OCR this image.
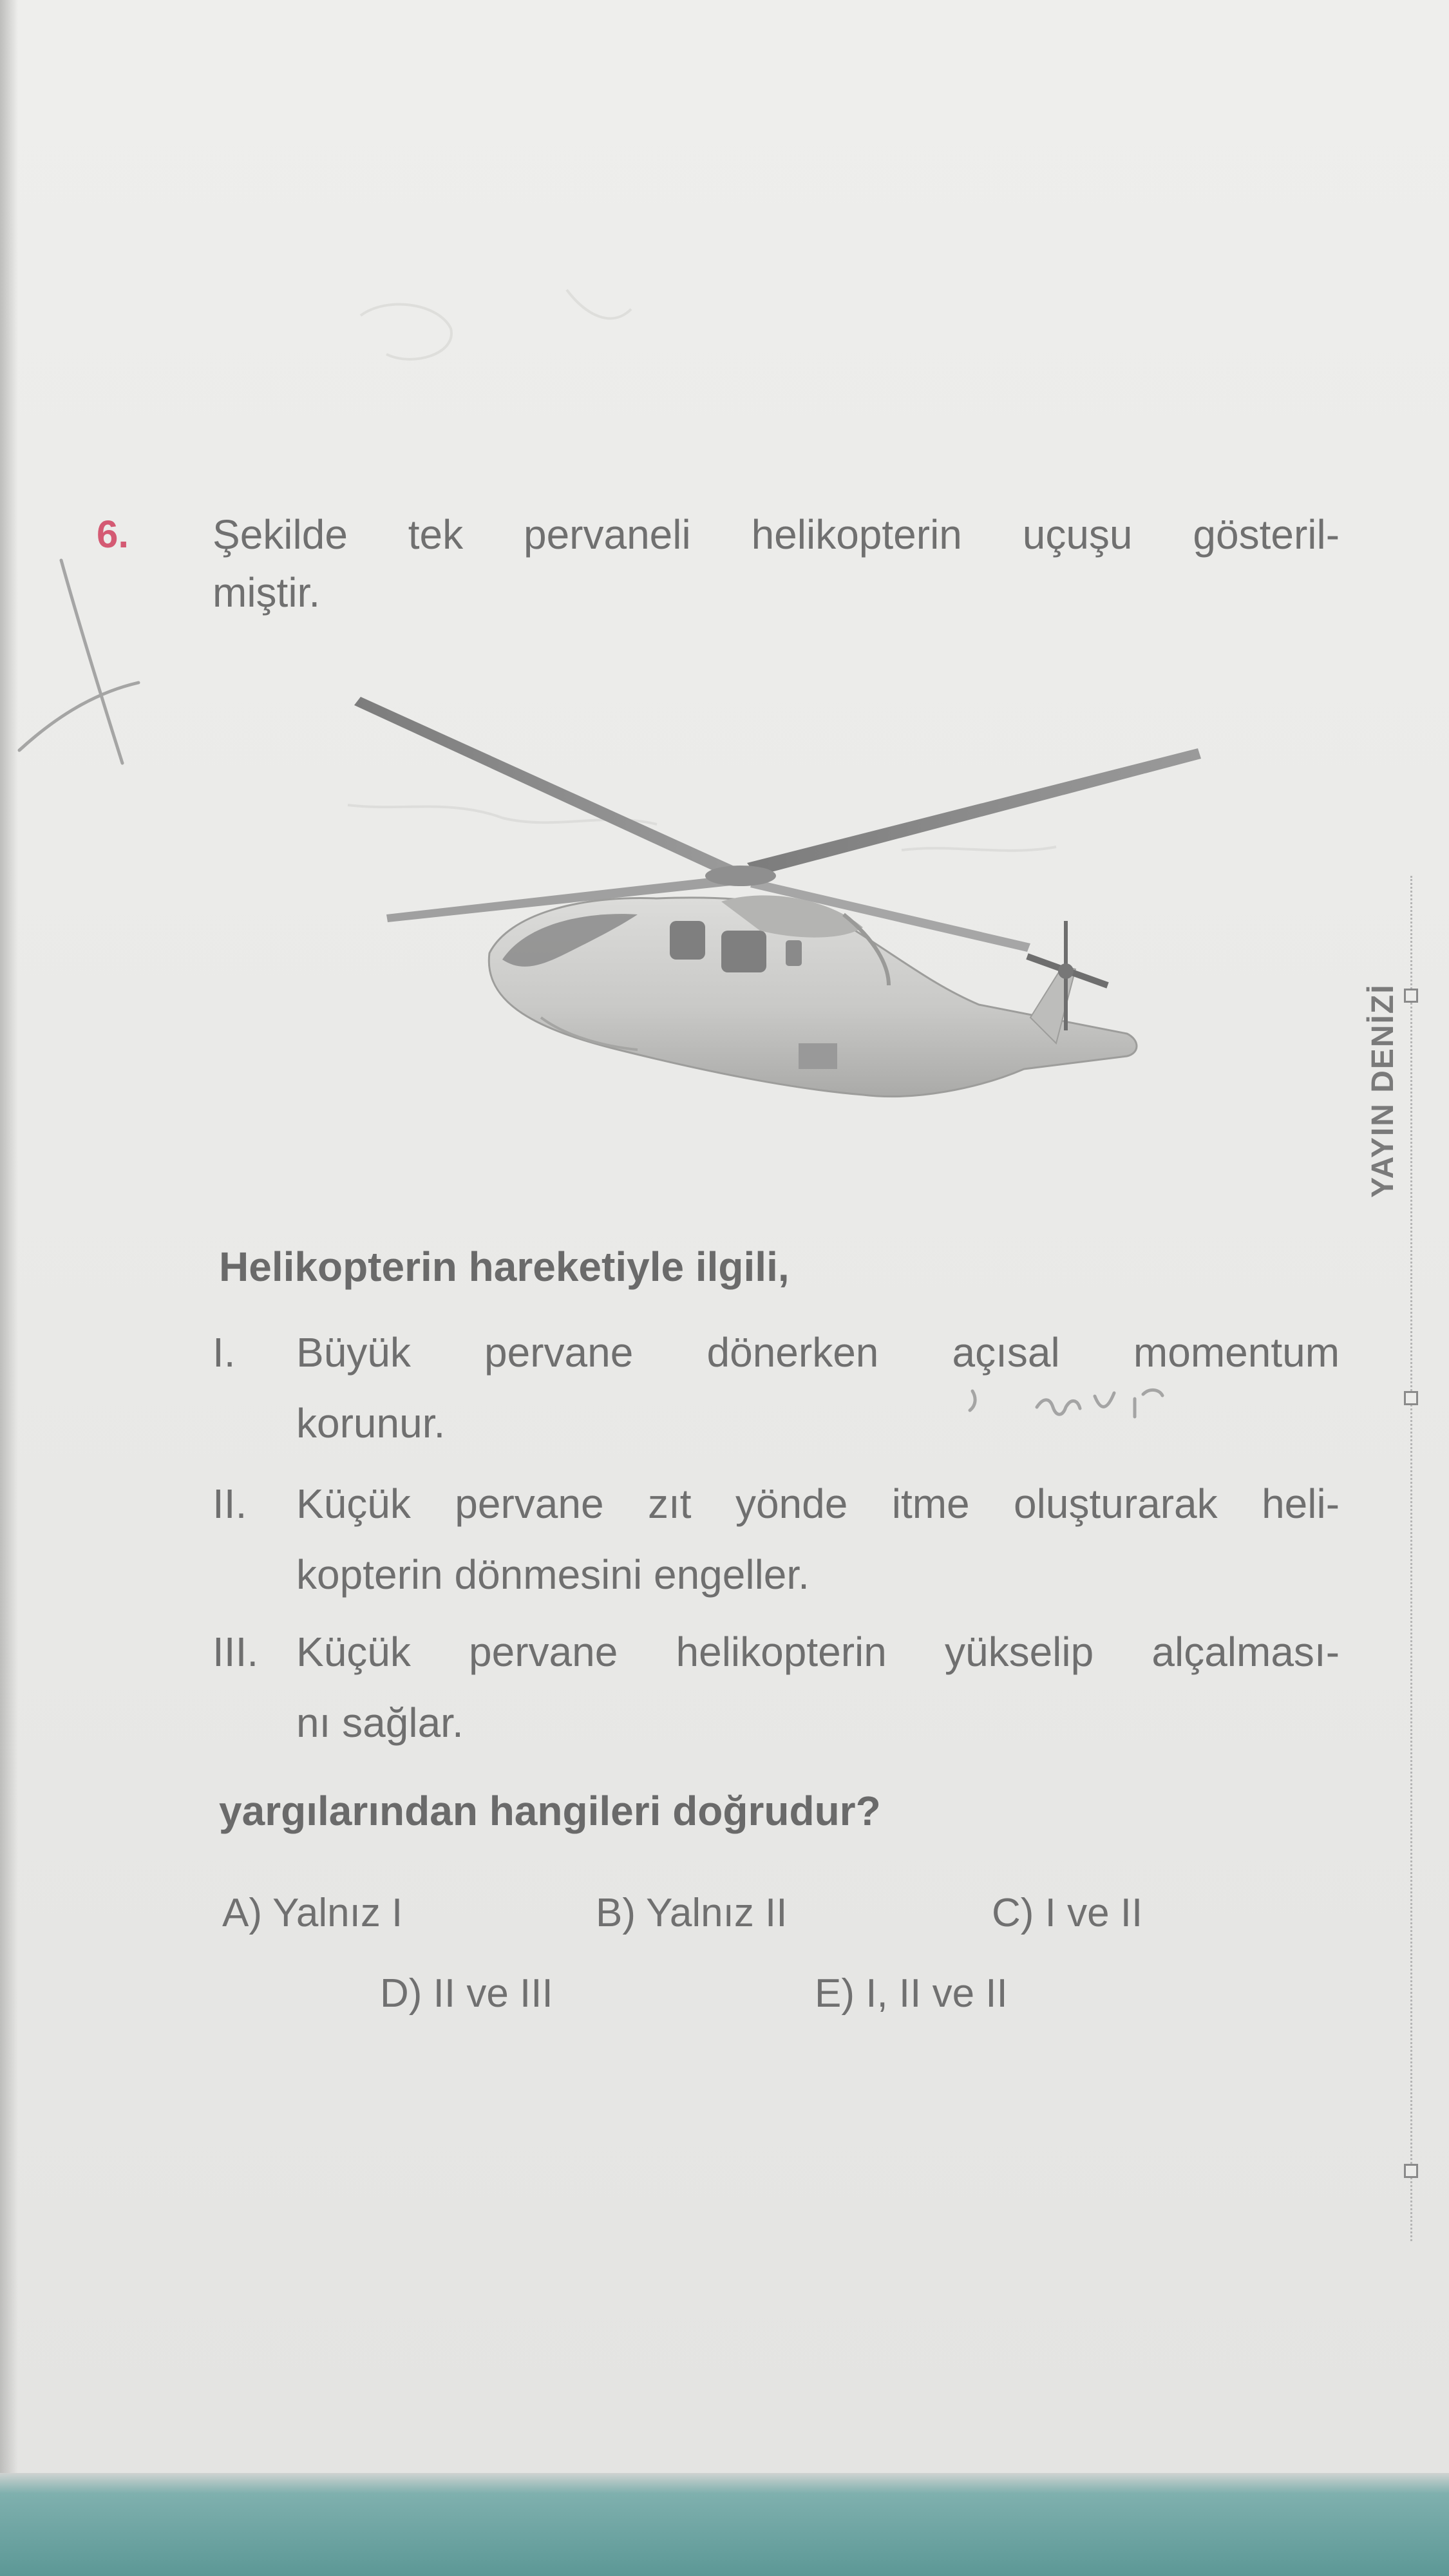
6. Şekilde tek pervaneli helikopterin uçuşu gösteril-
miştir.
Helikopterin hareketiyle ilgili,
I. Büyük pervane dönerken açısal momentum
korunur.
II. Küçük pervane zıt yönde itme oluşturarak heli-
kopterin dönmesini engeller.
III. Küçük pervane helikopterin yükselip alçalması-
nı sağlar.
yargılarından hangileri doğrudur?
A) Yalnız I	B) Yalnız II	C) I ve II
D) II ve III	E) I, II ve II
YAYIN DENİZİ
